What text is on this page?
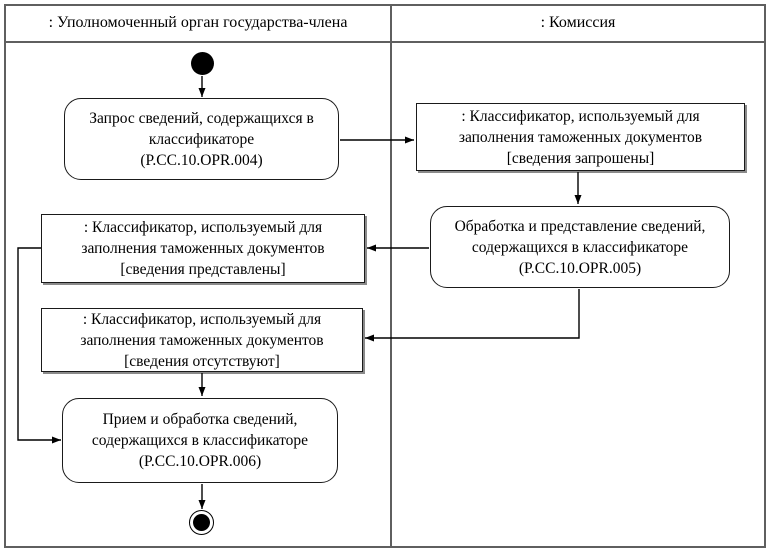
: Уполномоченный орган государства-члена	: Комиссия
Запрос сведений, содержащихся в классификаторе
(P.CC.10.OPR.004)
: Классификатор, используемый для заполнения таможенных документов
[сведения запрошены]
Обработка и представление сведений, содержащихся в классификаторе
(P.CC.10.OPR.005)
: Классификатор, используемый для заполнения таможенных документов
[сведения представлены]
: Классификатор, используемый для заполнения таможенных документов
[сведения отсутствуют]
Прием и обработка сведений, содержащихся в классификаторе
(P.CC.10.OPR.006)
